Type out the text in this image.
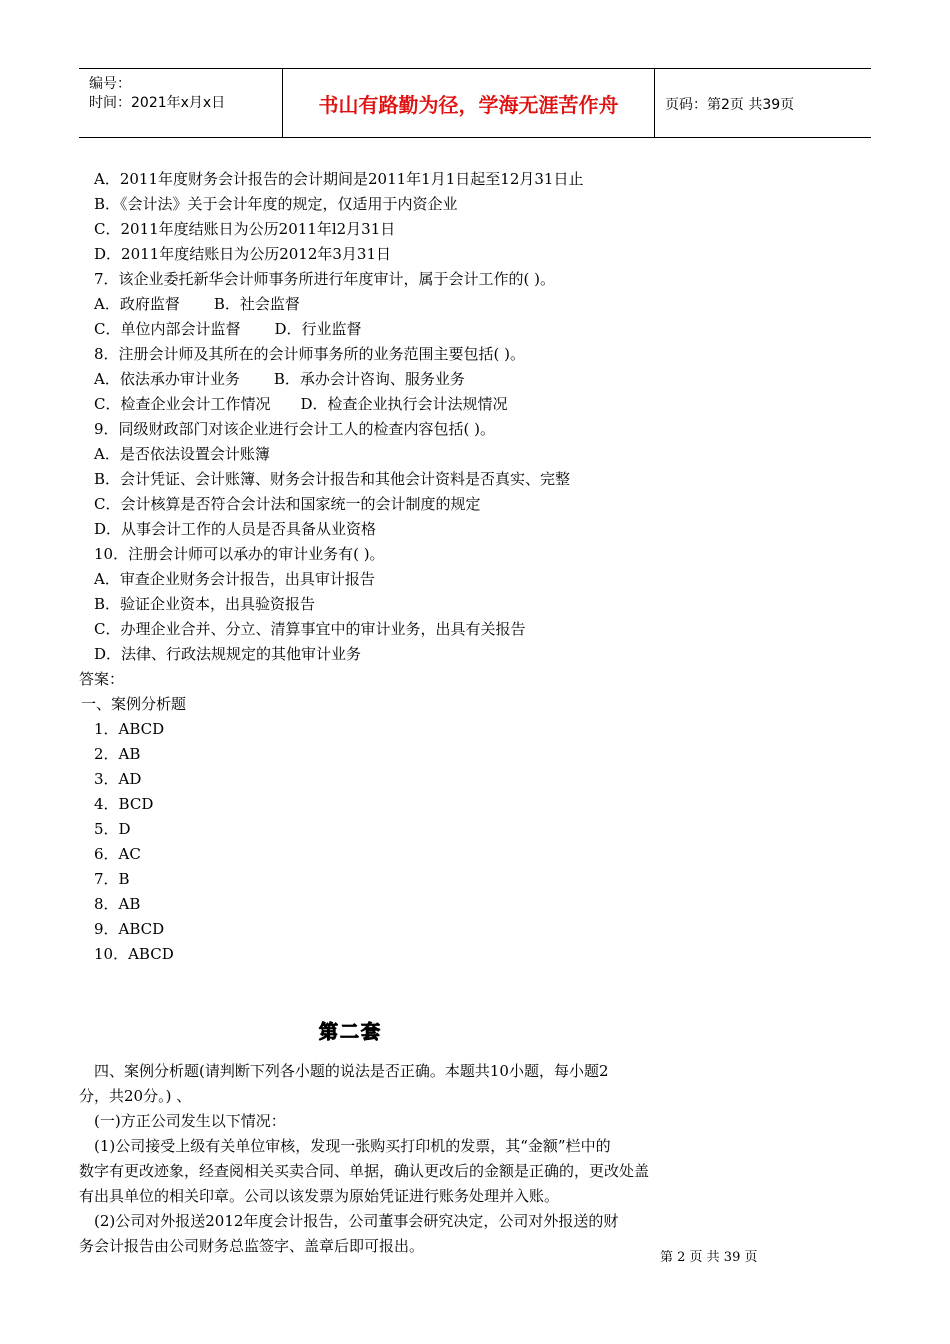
编号：
时间：2021年x月x日	书山有路勤为径，学海无涯苦作舟	页码：第2页 共39页
A．2011年度财务会计报告的会计期间是2011年1月1日起至12月31日止
B．《会计法》关于会计年度的规定，仅适用于内资企业
C．2011年度结账日为公历2011年l2月31日
D．2011年度结账日为公历2012年3月31日
7．该企业委托新华会计师事务所进行年度审计，属于会计工作的( )。
A．政府监督 B．社会监督
C．单位内部会计监督 D．行业监督
8．注册会计师及其所在的会计师事务所的业务范围主要包括( )。
A．依法承办审计业务 B．承办会计咨询、服务业务
C．检查企业会计工作情况 D．检查企业执行会计法规情况
9．同级财政部门对该企业进行会计工人的检查内容包括( )。
A．是否依法设置会计账簿
B．会计凭证、会计账簿、财务会计报告和其他会计资料是否真实、完整
C．会计核算是否符合会计法和国家统一的会计制度的规定
D．从事会计工作的人员是否具备从业资格
10．注册会计师可以承办的审计业务有( )。
A．审查企业财务会计报告，出具审计报告
B．验证企业资本，出具验资报告
C．办理企业合并、分立、清算事宜中的审计业务，出具有关报告
D．法律、行政法规规定的其他审计业务
答案：
一、案例分析题
1．ABCD
2．AB
3．AD
4．BCD
5．D
6．AC
7．B
8．AB
9．ABCD
10．ABCD
第二套
四、案例分析题(请判断下列各小题的说法是否正确。本题共10小题，每小题2
分，共20分。) 、
(一)方正公司发生以下情况：
(1)公司接受上级有关单位审核，发现一张购买打印机的发票，其“金额”栏中的
数字有更改迹象，经查阅相关买卖合同、单据，确认更改后的金额是正确的，更改处盖
有出具单位的相关印章。公司以该发票为原始凭证进行账务处理并入账。
(2)公司对外报送2012年度会计报告，公司董事会研究决定，公司对外报送的财
务会计报告由公司财务总监签字、盖章后即可报出。
第 2 页 共 39 页
